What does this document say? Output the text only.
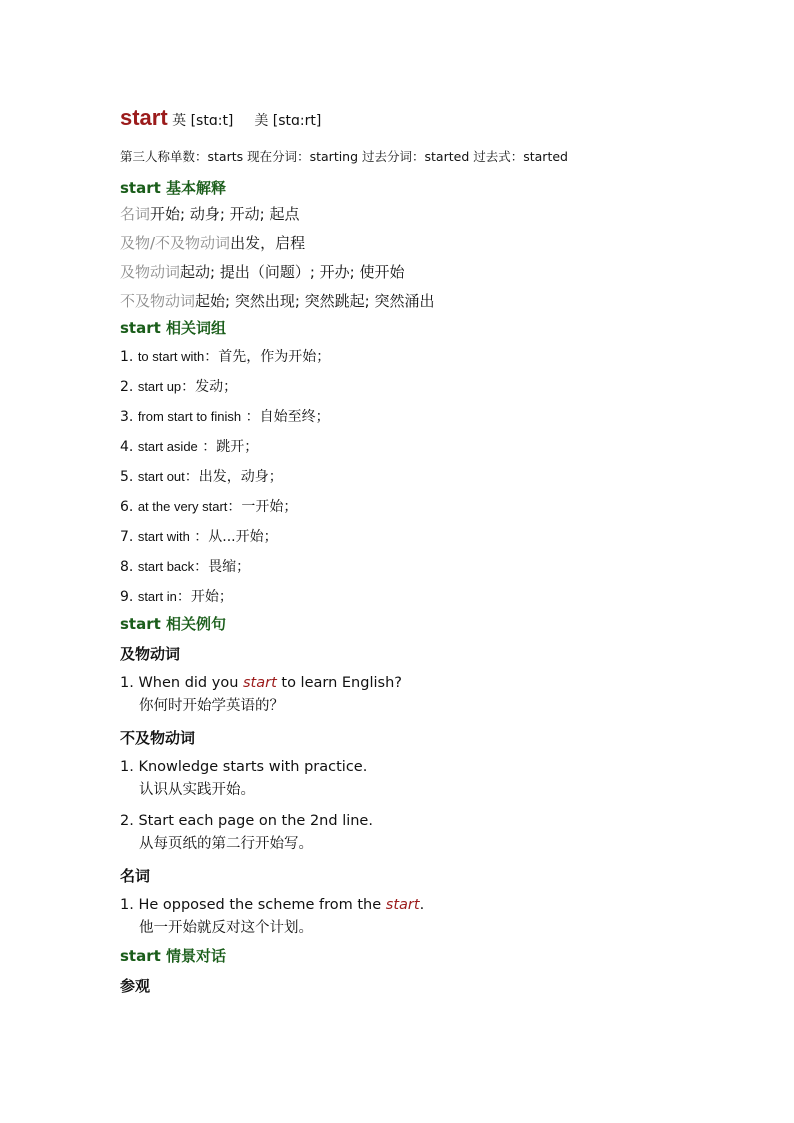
start 英 [stɑ:t] 美 [stɑ:rt]
第三人称单数：starts 现在分词：starting 过去分词：started 过去式：started
start 基本解释
名词开始; 动身; 开动; 起点
及物/不及物动词出发，启程
及物动词起动; 提出（问题）; 开办; 使开始
不及物动词起始; 突然出现; 突然跳起; 突然涌出
start 相关词组
1. to start with：首先，作为开始；
2. start up：发动；
3. from start to finish ：自始至终；
4. start aside ：跳开；
5. start out：出发，动身；
6. at the very start：一开始；
7. start with ：从...开始；
8. start back：畏缩；
9. start in：开始；
start 相关例句
及物动词
1. When did you start to learn English?
你何时开始学英语的？
不及物动词
1. Knowledge starts with practice.
认识从实践开始。
2. Start each page on the 2nd line.
从每页纸的第二行开始写。
名词
1. He opposed the scheme from the start.
他一开始就反对这个计划。
start 情景对话
参观
